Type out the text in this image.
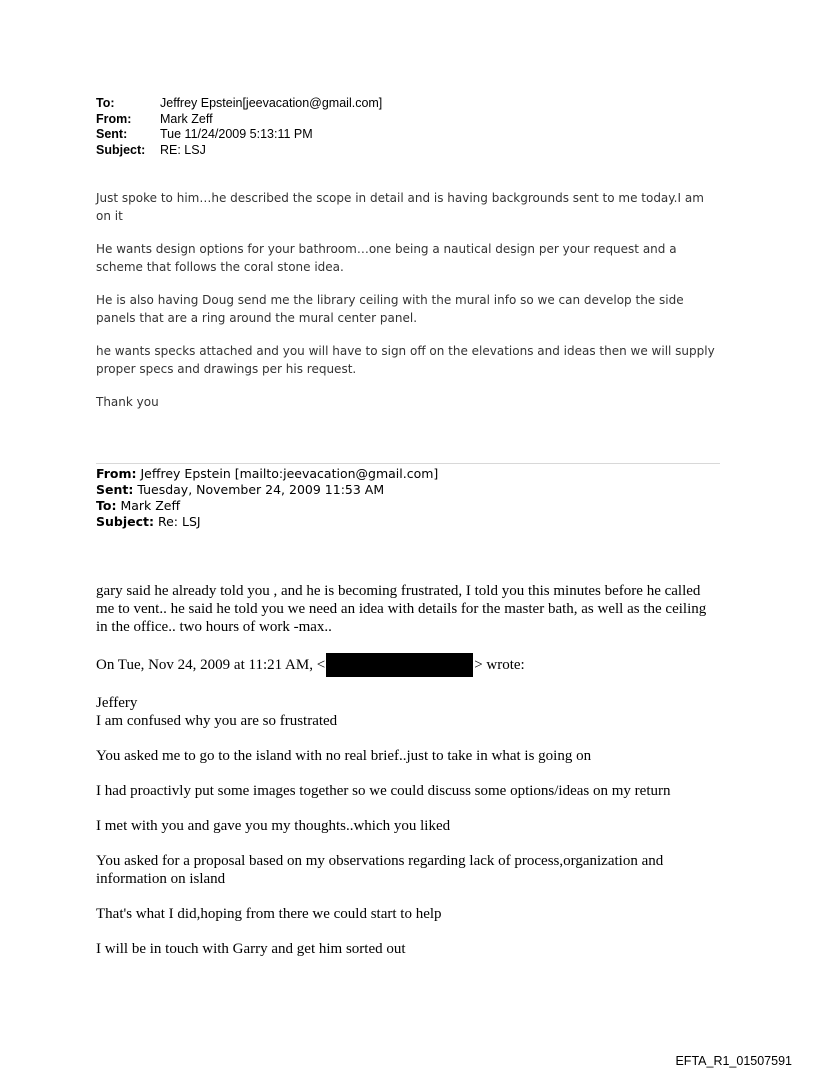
To:	Jeffrey Epstein[jeevacation@gmail.com]
From:	Mark Zeff
Sent:	Tue 11/24/2009 5:13:11 PM
Subject:	RE: LSJ

Just spoke to him…he described the scope in detail and is having backgrounds sent to me today.I am on it

He wants design options for your bathroom…one being a nautical design per your request and a scheme that follows the coral stone idea.

He is also having Doug send me the library ceiling with the mural info so we can develop the side panels that are a ring around the mural center panel.

he wants specks attached and you will have to sign off on the elevations and ideas then we will supply proper specs and drawings per his request.

Thank you

From: Jeffrey Epstein [mailto:jeevacation@gmail.com]
Sent: Tuesday, November 24, 2009 11:53 AM
To: Mark Zeff
Subject: Re: LSJ

gary said he already told you , and he is becoming frustrated, I told you this minutes before he called me to vent.. he said he told you we need an idea with details for the master bath, as well as the ceiling in the office.. two hours of work -max..

On Tue, Nov 24, 2009 at 11:21 AM, <	> wrote:

Jeffery
I am confused why you are so frustrated

You asked me to go to the island with no real brief..just to take in what is going on

I had proactivly put some images together so we could discuss some options/ideas on my return

I met with you and gave you my thoughts..which you liked

You asked for a proposal based on my observations regarding lack of process,organization and information on island

That's what I did,hoping from there we could start to help

I will be in touch with Garry and get him sorted out

EFTA_R1_01507591
